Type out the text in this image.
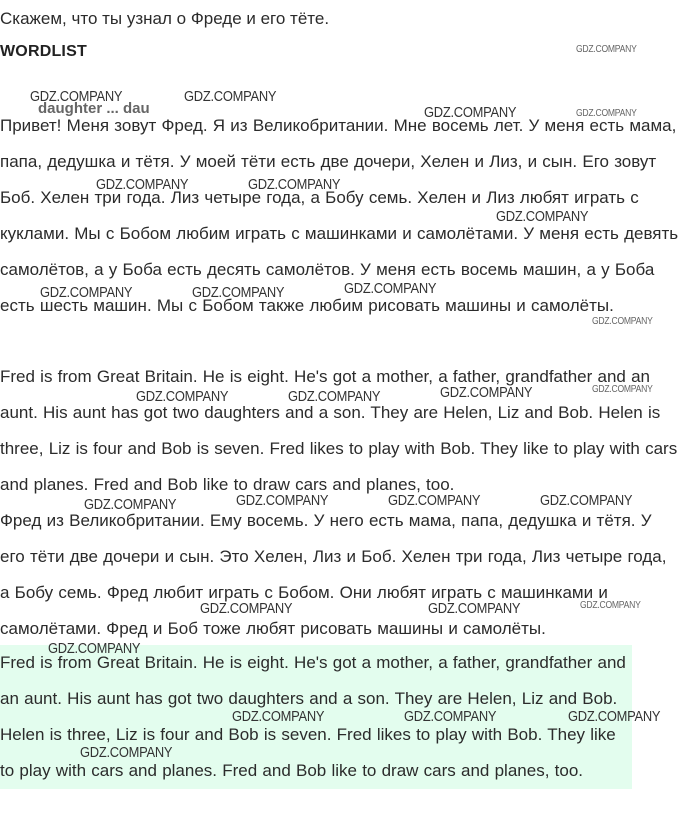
Скажем, что ты узнал о Фреде и его тёте.

WORDLIST

daughter ... dau

Привет! Меня зовут Фред. Я из Великобритании. Мне восемь лет. У меня есть мама, папа, дедушка и тётя. У моей тёти есть две дочери, Хелен и Лиз, и сын. Его зовут Боб. Хелен три года. Лиз четыре года, а Бобу семь. Хелен и Лиз любят играть с куклами. Мы с Бобом любим играть с машинками и самолётами. У меня есть девять самолётов, а у Боба есть десять самолётов. У меня есть восемь машин, а у Боба есть шесть машин. Мы с Бобом также любим рисовать машины и самолёты.

Fred is from Great Britain. He is eight. He's got a mother, a father, grandfather and an aunt. His aunt has got two daughters and a son. They are Helen, Liz and Bob. Helen is three, Liz is four and Bob is seven. Fred likes to play with Bob. They like to play with cars and planes. Fred and Bob like to draw cars and planes, too.

Фред из Великобритании. Ему восемь. У него есть мама, папа, дедушка и тётя. У его тёти две дочери и сын. Это Хелен, Лиз и Боб. Хелен три года, Лиз четыре года, а Бобу семь. Фред любит играть с Бобом. Они любят играть с машинками и самолётами. Фред и Боб тоже любят рисовать машины и самолёты.

Fred is from Great Britain. He is eight. He's got a mother, a father, grandfather and an aunt. His aunt has got two daughters and a son. They are Helen, Liz and Bob. Helen is three, Liz is four and Bob is seven. Fred likes to play with Bob. They like to play with cars and planes. Fred and Bob like to draw cars and planes, too.

GDZ.COMPANY
GDZ.COMPANY	GDZ.COMPANY
GDZ.COMPANY	GDZ.COMPANY
GDZ.COMPANY	GDZ.COMPANY
GDZ.COMPANY
GDZ.COMPANY	GDZ.COMPANY	GDZ.COMPANY
GDZ.COMPANY
GDZ.COMPANY	GDZ.COMPANY	GDZ.COMPANY	GDZ.COMPANY
GDZ.COMPANY	GDZ.COMPANY	GDZ.COMPANY	GDZ.COMPANY
GDZ.COMPANY	GDZ.COMPANY	GDZ.COMPANY
GDZ.COMPANY
GDZ.COMPANY	GDZ.COMPANY	GDZ.COMPANY
GDZ.COMPANY
